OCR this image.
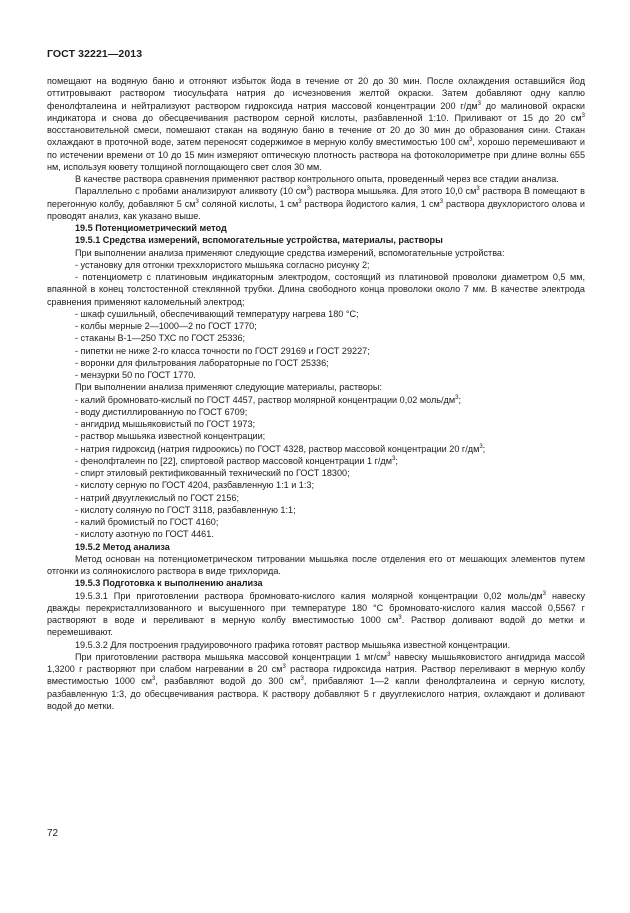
ГОСТ 32221—2013

помещают на водяную баню и отгоняют избыток йода в течение от 20 до 30 мин. После охлаждения оставшийся йод оттитровывают раствором тиосульфата натрия до исчезновения желтой окраски. Затем добавляют одну каплю фенолфталеина и нейтрализуют раствором гидроксида натрия массовой концентрации 200 $г/дм^3$ до малиновой окраски индикатора и снова до обесцвечивания раствором серной кислоты, разбавленной 1:10. Приливают от 15 до 20 $см^3$ восстановительной смеси, помешают стакан на водяную баню в течение от 20 до 30 мин до образования сини. Стакан охлаждают в проточной воде, затем переносят содержимое в мерную колбу вместимостью 100 $см^3$, хорошо перемешивают и по истечении времени от 10 до 15 мин измеряют оптическую плотность раствора на фотоколориметре при длине волны 655 нм, используя кювету толщиной поглощающего свет слоя 30 мм.

В качестве раствора сравнения применяют раствор контрольного опыта, проведенный через все стадии анализа.

Параллельно с пробами анализируют аликвоту (10 $см^3$) раствора мышьяка. Для этого 10,0 $см^3$ раствора В помещают в перегонную колбу, добавляют 5 $см^3$ соляной кислоты, 1 $см^3$ раствора йодистого калия, 1 $см^3$ раствора двухлористого олова и проводят анализ, как указано выше.

19.5 Потенциометрический метод

19.5.1 Средства измерений, вспомогательные устройства, материалы, растворы

При выполнении анализа применяют следующие средства измерений, вспомогательные устройства:

- установку для отгонки треххлористого мышьяка согласно рисунку 2;

- потенциометр с платиновым индикаторным электродом, состоящий из платиновой проволоки диаметром 0,5 мм, впаянной в конец толстостенной стеклянной трубки. Длина свободного конца проволоки около 7 мм. В качестве электрода сравнения применяют каломельный электрод;

- шкаф сушильный, обеспечивающий температуру нагрева 180 °С;

- колбы мерные 2—1000—2 по ГОСТ 1770;

- стаканы В-1—250 ТХС по ГОСТ 25336;

- пипетки не ниже 2-го класса точности по ГОСТ 29169 и ГОСТ 29227;

- воронки для фильтрования лабораторные по ГОСТ 25336;

- мензурки 50 по ГОСТ 1770.

При выполнении анализа применяют следующие материалы, растворы:

- калий бромновато-кислый по ГОСТ 4457, раствор молярной концентрации 0,02 моль/$дм^3$;

- воду дистиллированную по ГОСТ 6709;

- ангидрид мышьяковистый по ГОСТ 1973;

- раствор мышьяка известной концентрации;

- натрия гидроксид (натрия гидроокись) по ГОСТ 4328, раствор массовой концентрации 20 $г/дм^3$;

- фенолфталеин по [22], спиртовой раствор массовой концентрации 1 $г/дм^3$;

- спирт этиловый ректификованный технический по ГОСТ 18300;

- кислоту серную по ГОСТ 4204, разбавленную 1:1 и 1:3;

- натрий двууглекислый по ГОСТ 2156;

- кислоту соляную по ГОСТ 3118, разбавленную 1:1;

- калий бромистый по ГОСТ 4160;

- кислоту азотную по ГОСТ 4461.

19.5.2 Метод анализа

Метод основан на потенциометрическом титровании мышьяка после отделения его от мешающих элементов путем отгонки из солянокислого раствора в виде трихлорида.

19.5.3 Подготовка к выполнению анализа

19.5.3.1 При приготовлении раствора бромновато-кислого калия молярной концентрации 0,02 моль/$дм^3$ навеску дважды перекристаллизованного и высушенного при температуре 180 °С бромновато-кислого калия массой 0,5567 г растворяют в воде и переливают в мерную колбу вместимостью 1000 $см^3$. Раствор доливают водой до метки и перемешивают.

19.5.3.2 Для построения градуировочного графика готовят раствор мышьяка известной концентрации.

При приготовлении раствора мышьяка массовой концентрации 1 $мг/см^3$ навеску мышьяковистого ангидрида массой 1,3200 г растворяют при слабом нагревании в 20 $см^3$ раствора гидроксида натрия. Раствор переливают в мерную колбу вместимостью 1000 $см^3$, разбавляют водой до 300 $см^3$, прибавляют 1—2 капли фенолфталеина и серную кислоту, разбавленную 1:3, до обесцвечивания раствора. К раствору добавляют 5 г двууглекислого натрия, охлаждают и доливают водой до метки.

72
